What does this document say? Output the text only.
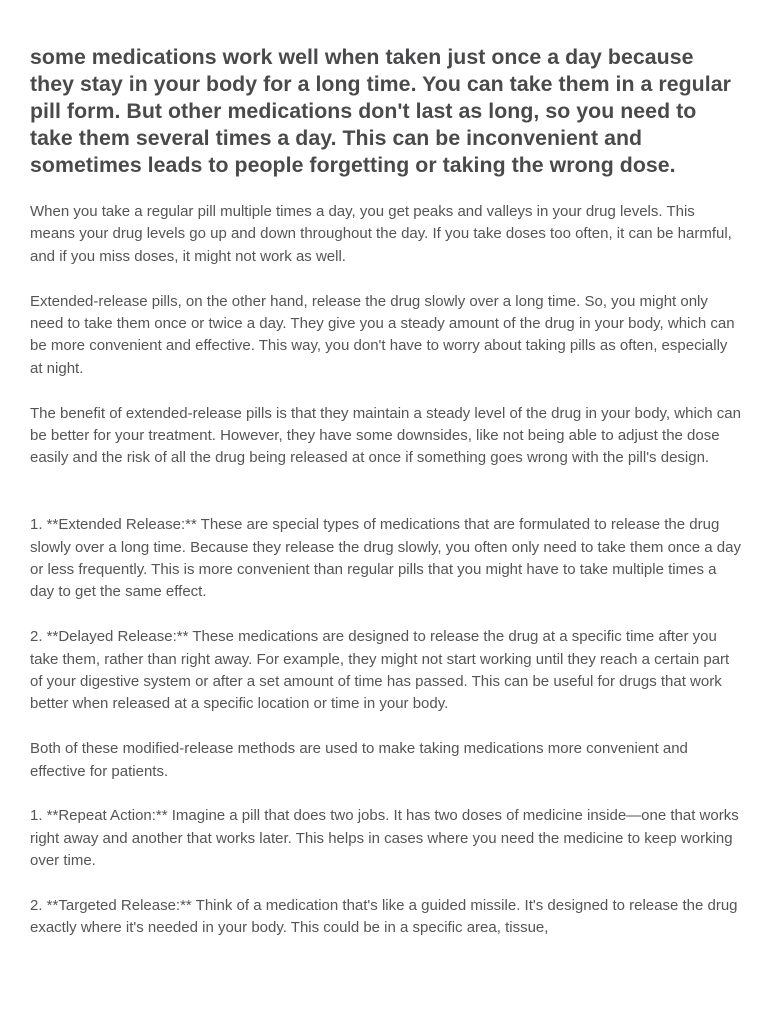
some medications work well when taken just once a day because they stay in your body for a long time. You can take them in a regular pill form. But other medications don't last as long, so you need to take them several times a day. This can be inconvenient and sometimes leads to people forgetting or taking the wrong dose.

When you take a regular pill multiple times a day, you get peaks and valleys in your drug levels. This means your drug levels go up and down throughout the day. If you take doses too often, it can be harmful, and if you miss doses, it might not work as well.

Extended-release pills, on the other hand, release the drug slowly over a long time. So, you might only need to take them once or twice a day. They give you a steady amount of the drug in your body, which can be more convenient and effective. This way, you don't have to worry about taking pills as often, especially at night.

The benefit of extended-release pills is that they maintain a steady level of the drug in your body, which can be better for your treatment. However, they have some downsides, like not being able to adjust the dose easily and the risk of all the drug being released at once if something goes wrong with the pill's design.

1. **Extended Release:** These are special types of medications that are formulated to release the drug slowly over a long time. Because they release the drug slowly, you often only need to take them once a day or less frequently. This is more convenient than regular pills that you might have to take multiple times a day to get the same effect.

2. **Delayed Release:** These medications are designed to release the drug at a specific time after you take them, rather than right away. For example, they might not start working until they reach a certain part of your digestive system or after a set amount of time has passed. This can be useful for drugs that work better when released at a specific location or time in your body.

Both of these modified-release methods are used to make taking medications more convenient and effective for patients.

1. **Repeat Action:** Imagine a pill that does two jobs. It has two doses of medicine inside—one that works right away and another that works later. This helps in cases where you need the medicine to keep working over time.

2. **Targeted Release:** Think of a medication that's like a guided missile. It's designed to release the drug exactly where it's needed in your body. This could be in a specific area, tissue,
